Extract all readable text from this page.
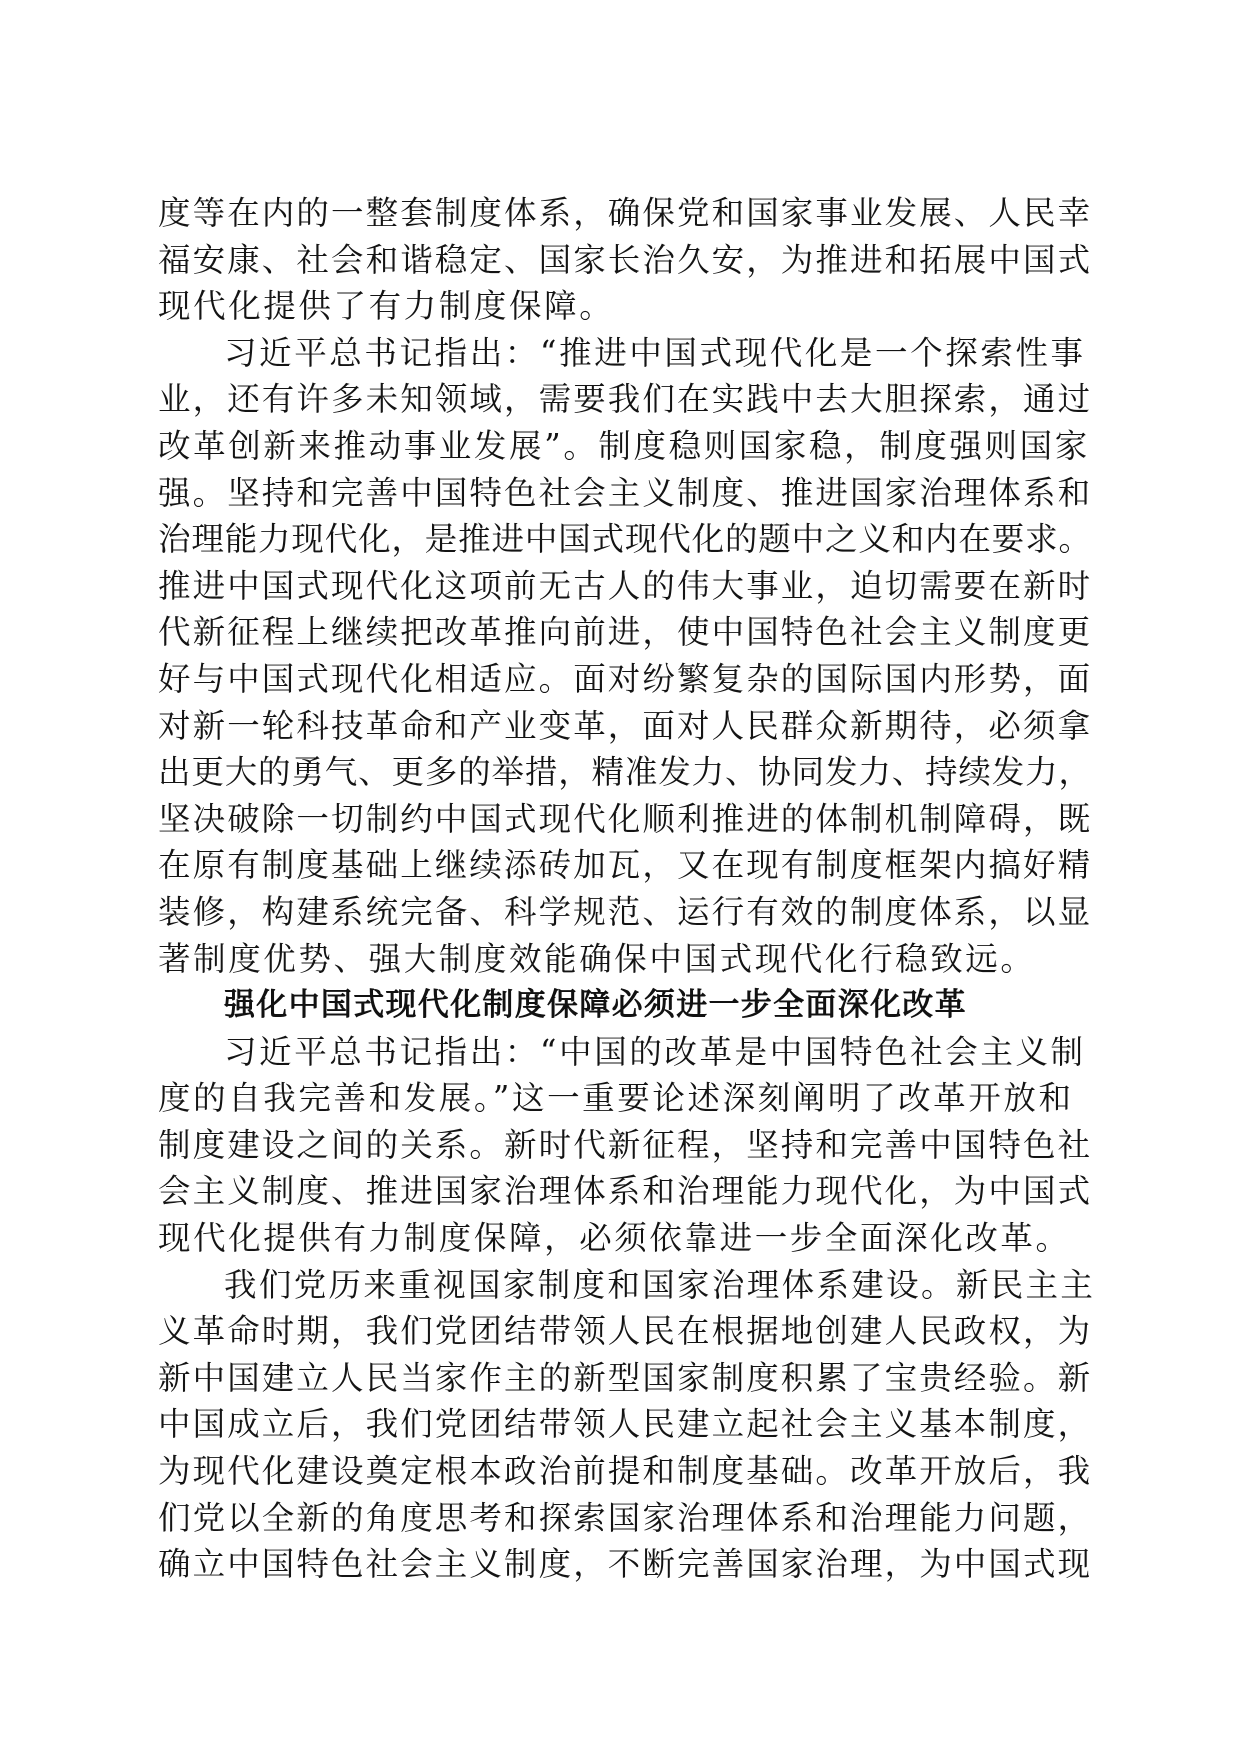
度等在内的一整套制度体系，确保党和国家事业发展、人民幸
福安康、社会和谐稳定、国家长治久安，为推进和拓展中国式
现代化提供了有力制度保障。
习近平总书记指出：“推进中国式现代化是一个探索性事
业，还有许多未知领域，需要我们在实践中去大胆探索，通过
改革创新来推动事业发展”。制度稳则国家稳，制度强则国家
强。坚持和完善中国特色社会主义制度、推进国家治理体系和
治理能力现代化，是推进中国式现代化的题中之义和内在要求。
推进中国式现代化这项前无古人的伟大事业，迫切需要在新时
代新征程上继续把改革推向前进，使中国特色社会主义制度更
好与中国式现代化相适应。面对纷繁复杂的国际国内形势，面
对新一轮科技革命和产业变革，面对人民群众新期待，必须拿
出更大的勇气、更多的举措，精准发力、协同发力、持续发力，
坚决破除一切制约中国式现代化顺利推进的体制机制障碍，既
在原有制度基础上继续添砖加瓦，又在现有制度框架内搞好精
装修，构建系统完备、科学规范、运行有效的制度体系，以显
著制度优势、强大制度效能确保中国式现代化行稳致远。
强化中国式现代化制度保障必须进一步全面深化改革
习近平总书记指出：“中国的改革是中国特色社会主义制
度的自我完善和发展。”这一重要论述深刻阐明了改革开放和
制度建设之间的关系。新时代新征程，坚持和完善中国特色社
会主义制度、推进国家治理体系和治理能力现代化，为中国式
现代化提供有力制度保障，必须依靠进一步全面深化改革。
我们党历来重视国家制度和国家治理体系建设。新民主主
义革命时期，我们党团结带领人民在根据地创建人民政权，为
新中国建立人民当家作主的新型国家制度积累了宝贵经验。新
中国成立后，我们党团结带领人民建立起社会主义基本制度，
为现代化建设奠定根本政治前提和制度基础。改革开放后，我
们党以全新的角度思考和探索国家治理体系和治理能力问题，
确立中国特色社会主义制度，不断完善国家治理，为中国式现
